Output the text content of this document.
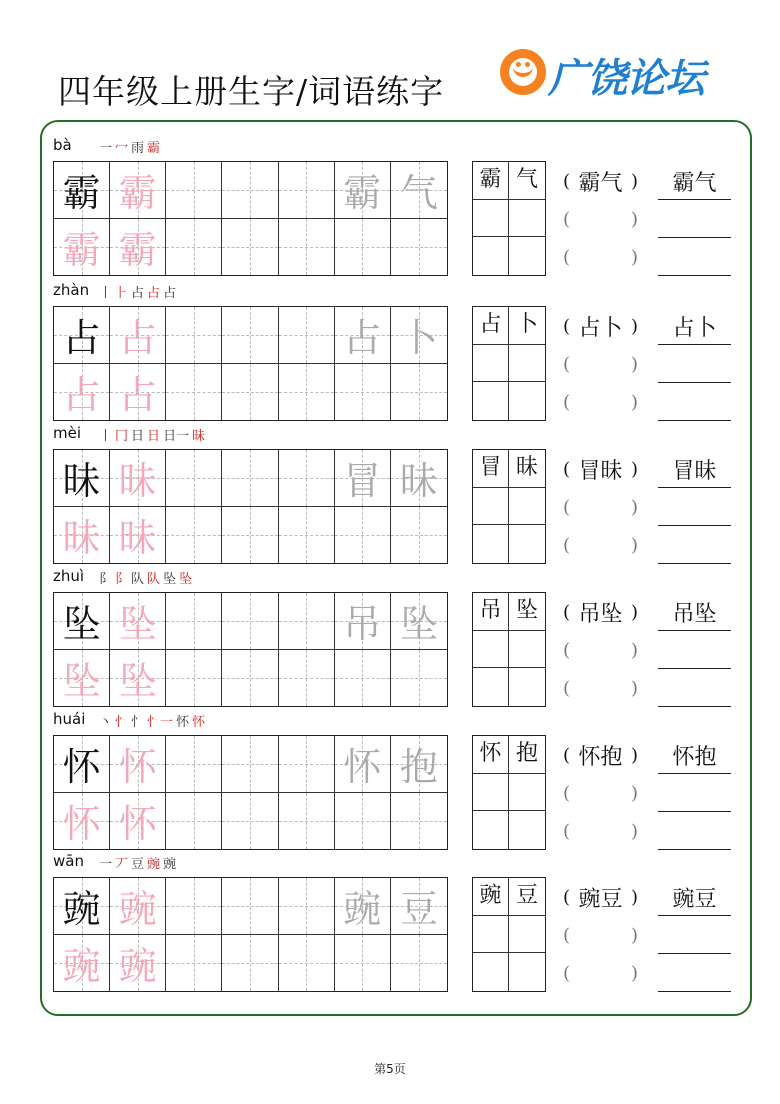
四年级上册生字/词语练字	广饶论坛
bà 一 冖 雨 霸
霸 霸	霸 气
霸 霸
霸 气 ( 霸气 )
(	)
(	)
霸气
zhàn 丨 ⺊ 占 占 占
占 占	占 卜
占 占
占 卜 ( 占卜 )
(	)
(	)
占卜
mèi 丨 冂 日 日 日一 昧
昧 昧	冒 昧
昧 昧
冒 昧 ( 冒昧 )
(	)
(	)
冒昧
zhuì 阝 阝 队 队 坠 坠
坠 坠	吊 坠
坠 坠
吊 坠 ( 吊坠 )
(	)
(	)
吊坠
huái 丶 忄 忄 忄一 怀 怀
怀 怀	怀 抱
怀 怀
怀 抱 ( 怀抱 )
(	)
(	)
怀抱
wān 一 丆 豆 豌 豌
豌 豌	豌 豆
豌 豌
豌 豆 ( 豌豆 )
(	)
(	)
豌豆
第5页
